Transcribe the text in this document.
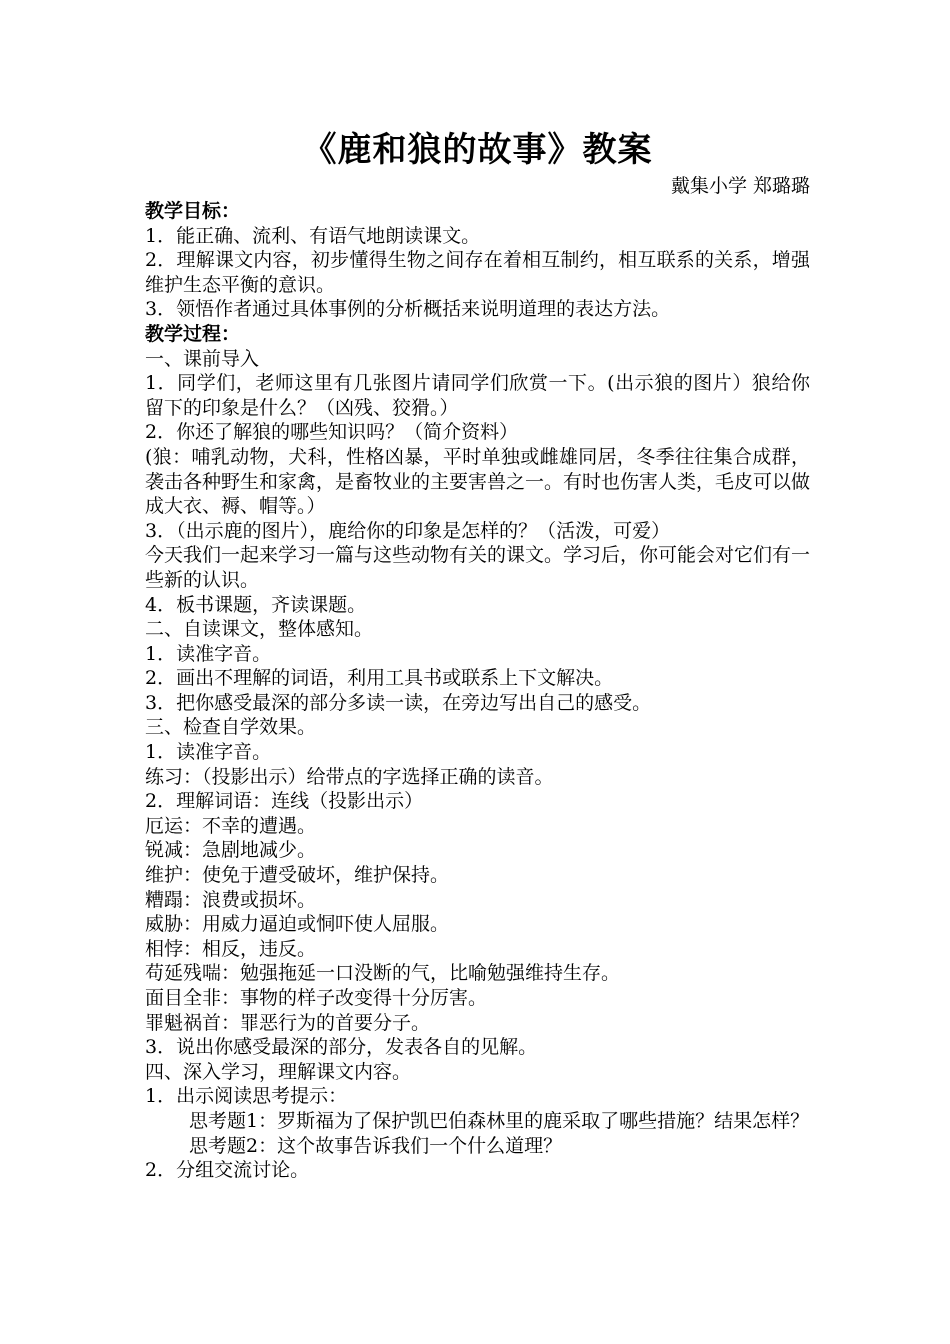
《鹿和狼的故事》教案

戴集小学 郑璐璐

教学目标：

1．能正确、流利、有语气地朗读课文。

2．理解课文内容，初步懂得生物之间存在着相互制约，相互联系的关系，增强维护生态平衡的意识。

3．领悟作者通过具体事例的分析概括来说明道理的表达方法。

教学过程：

一、课前导入

1．同学们，老师这里有几张图片请同学们欣赏一下。(出示狼的图片）狼给你留下的印象是什么？（凶残、狡猾。）

2．你还了解狼的哪些知识吗？（简介资料）

(狼：哺乳动物，犬科，性格凶暴，平时单独或雌雄同居，冬季往往集合成群，袭击各种野生和家禽，是畜牧业的主要害兽之一。有时也伤害人类，毛皮可以做成大衣、褥、帽等。）

3．（出示鹿的图片），鹿给你的印象是怎样的？（活泼，可爱）

今天我们一起来学习一篇与这些动物有关的课文。学习后，你可能会对它们有一些新的认识。

4．板书课题，齐读课题。

二、自读课文，整体感知。

1．读准字音。

2．画出不理解的词语，利用工具书或联系上下文解决。

3．把你感受最深的部分多读一读，在旁边写出自己的感受。

三、检查自学效果。

1．读准字音。

练习：（投影出示）给带点的字选择正确的读音。

2．理解词语：连线（投影出示）

厄运：不幸的遭遇。

锐减：急剧地减少。

维护：使免于遭受破坏，维护保持。

糟蹋：浪费或损坏。

威胁：用威力逼迫或恫吓使人屈服。

相悖：相反，违反。

苟延残喘：勉强拖延一口没断的气，比喻勉强维持生存。

面目全非：事物的样子改变得十分厉害。

罪魁祸首：罪恶行为的首要分子。

3．说出你感受最深的部分，发表各自的见解。

四、深入学习，理解课文内容。

1．出示阅读思考提示：

思考题1：罗斯福为了保护凯巴伯森林里的鹿采取了哪些措施？结果怎样？

思考题2：这个故事告诉我们一个什么道理？

2．分组交流讨论。
